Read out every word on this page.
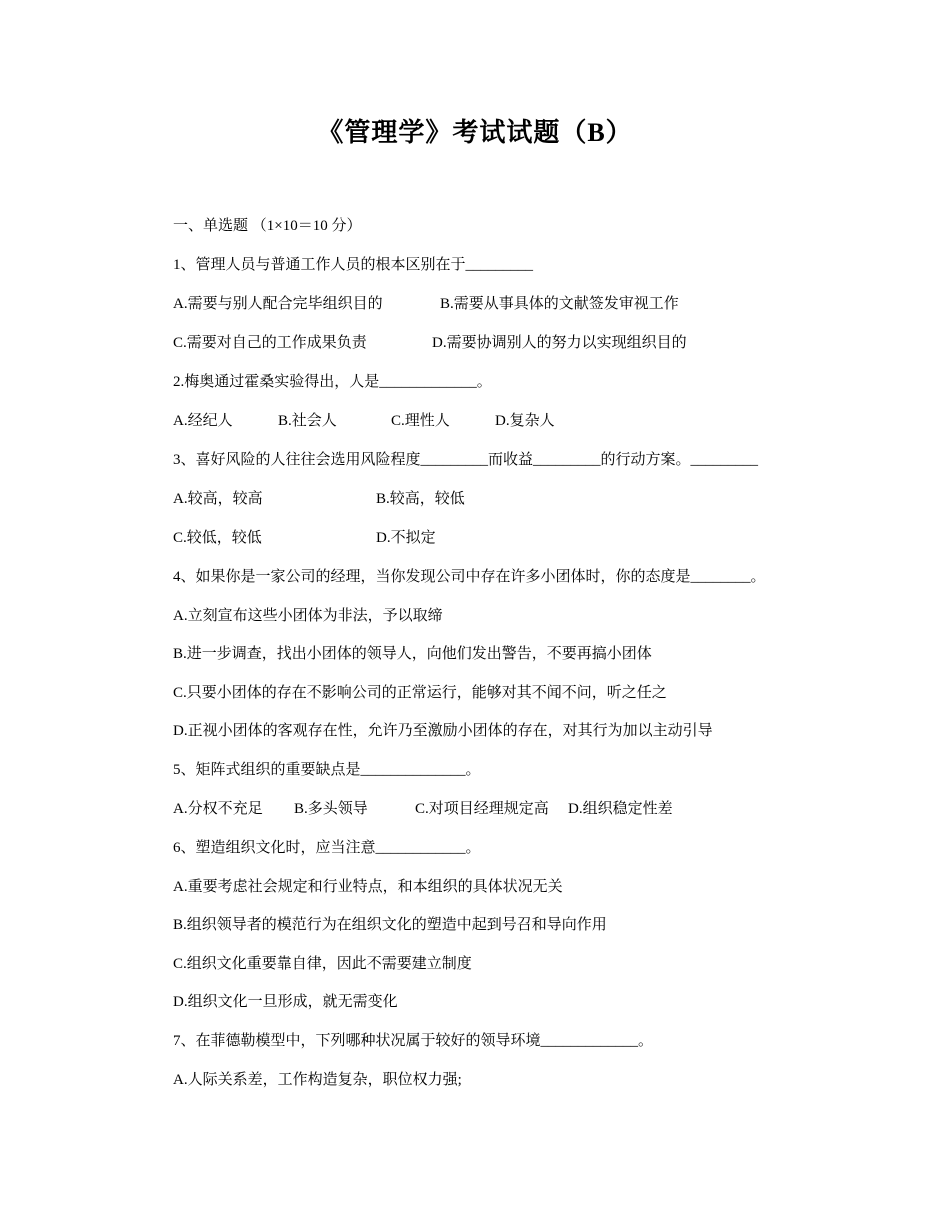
《管理学》考试试题（B）
一、单选题 （1×10＝10 分）
1、管理人员与普通工作人员的根本区别在于_________
A.需要与别人配合完毕组织目的	B.需要从事具体的文献签发审视工作
C.需要对自己的工作成果负责	D.需要协调别人的努力以实现组织目的
2.梅奥通过霍桑实验得出，人是_____________。
A.经纪人	B.社会人	C.理性人	D.复杂人
3、喜好风险的人往往会选用风险程度_________而收益_________的行动方案。_________
A.较高，较高	B.较高，较低
C.较低，较低	D.不拟定
4、如果你是一家公司的经理，当你发现公司中存在许多小团体时，你的态度是________。
A.立刻宣布这些小团体为非法，予以取缔
B.进一步调查，找出小团体的领导人，向他们发出警告，不要再搞小团体
C.只要小团体的存在不影响公司的正常运行，能够对其不闻不问，听之任之
D.正视小团体的客观存在性，允许乃至激励小团体的存在，对其行为加以主动引导
5、矩阵式组织的重要缺点是______________。
A.分权不充足 B.多头领导	C.对项目经理规定高 D.组织稳定性差
6、塑造组织文化时，应当注意____________。
A.重要考虑社会规定和行业特点，和本组织的具体状况无关
B.组织领导者的模范行为在组织文化的塑造中起到号召和导向作用
C.组织文化重要靠自律，因此不需要建立制度
D.组织文化一旦形成，就无需变化
7、在菲德勒模型中，下列哪种状况属于较好的领导环境_____________。
A.人际关系差，工作构造复杂，职位权力强;
